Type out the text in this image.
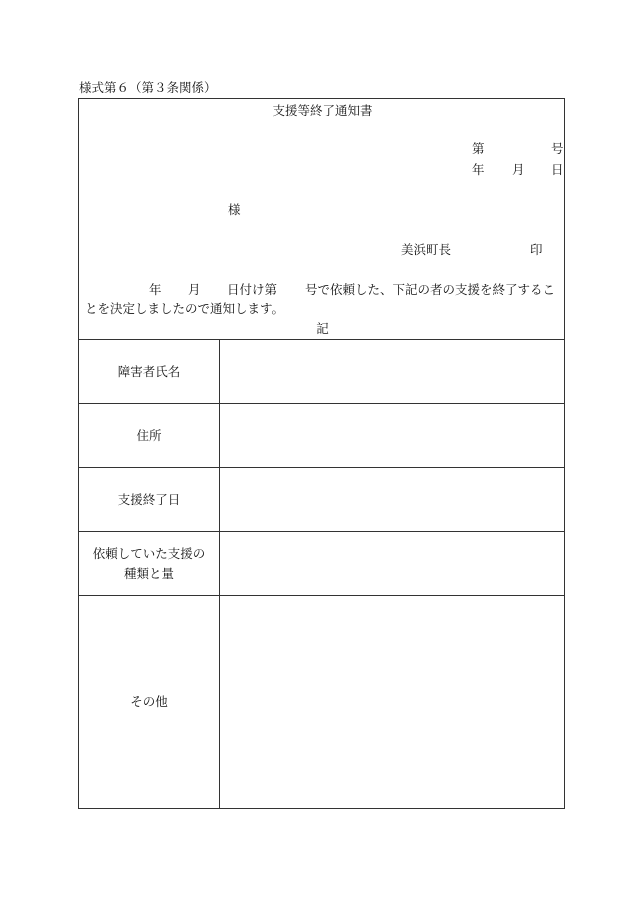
様式第６（第３条関係）
支援等終了通知書
第	号
年 月 日
様
美浜町長	印
年 月 日付け第 号で依頼した、下記の者の支援を終了するこ
とを決定しましたので通知します。
記
障害者氏名
住所
支援終了日
依頼していた支援の
種類と量
その他
